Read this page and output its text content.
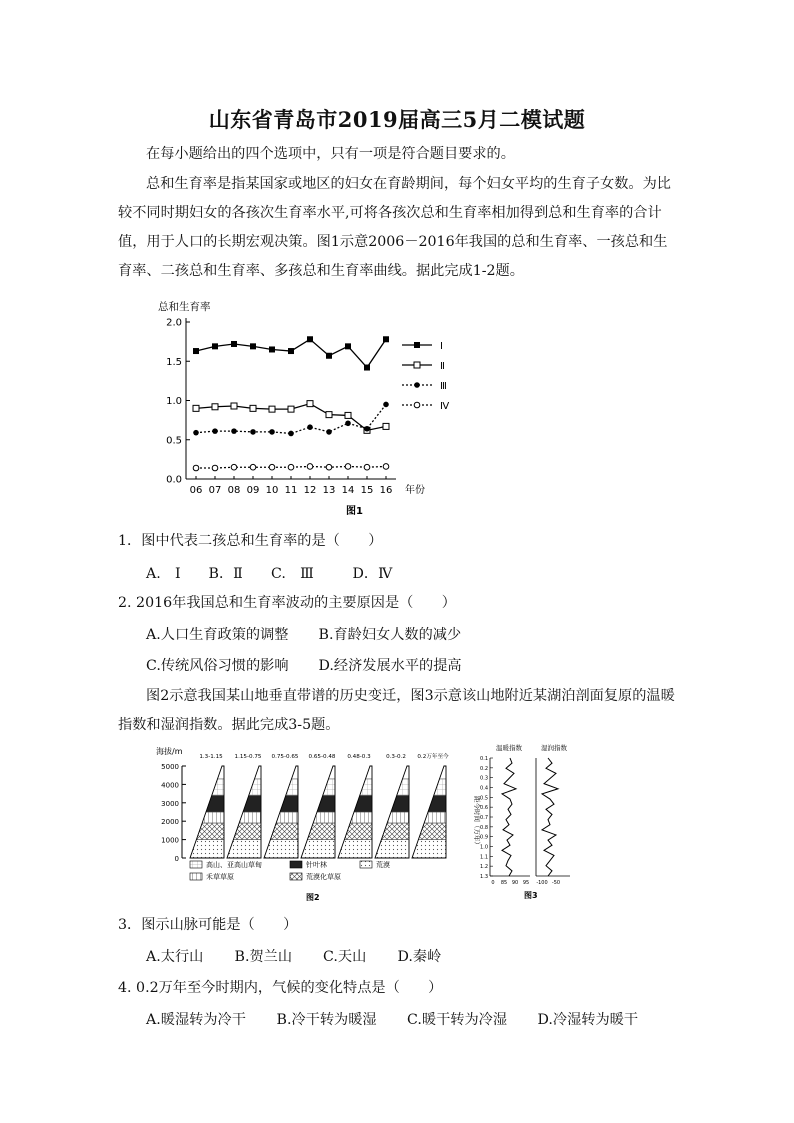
山东省青岛市2019届高三5月二模试题

在每小题给出的四个选项中，只有一项是符合题目要求的。

总和生育率是指某国家或地区的妇女在育龄期间，每个妇女平均的生育子女数。为比较不同时期妇女的各孩次生育率水平,可将各孩次总和生育率相加得到总和生育率的合计值，用于人口的长期宏观决策。图1示意2006－2016年我国的总和生育率、一孩总和生育率、二孩总和生育率、多孩总和生育率曲线。据此完成1-2题。

总和生育率
0.0
0.5
1.0
1.5
2.0
06 07 08 09 10 11 12 13 14 15 16
Ⅰ
Ⅱ
Ⅲ
Ⅳ
年份
图1

1．图中代表二孩总和生育率的是（　　）

A.　Ⅰ B．Ⅱ C.　Ⅲ	D．Ⅳ

2. 2016年我国总和生育率波动的主要原因是（　　）

A.人口生育政策的调整 B.育龄妇女人数的减少
C.传统风俗习惯的影响 D.经济发展水平的提高

图2示意我国某山地垂直带谱的历史变迁，图3示意该山地附近某湖泊剖面复原的温暖指数和湿润指数。据此完成3-5题。

海拔/m
5000
4000
3000
2000
1000
0
1.3-1.15 1.15-0.75 0.75-0.65 0.65-0.48 0.48-0.3	0.3-0.2 0.2万年至今
高山、亚高山草甸	针叶林	荒漠
禾草草原	荒漠化草原
图2
温暖指数	湿润指数
距今时间（万年）
0.1
0.2
0.3
0.4
0.5
0.6
0.7
0.8
0.9
1.0
1.1
1.2
1.3
0 85 90 95 -100 -50
图3

3．图示山脉可能是（　　）

A.太行山 B.贺兰山 C.天山 D.秦岭

4. 0.2万年至今时期内，气候的变化特点是（　　）

A.暖湿转为冷干 B.冷干转为暖湿 C.暖干转为冷湿 D.冷湿转为暖干
